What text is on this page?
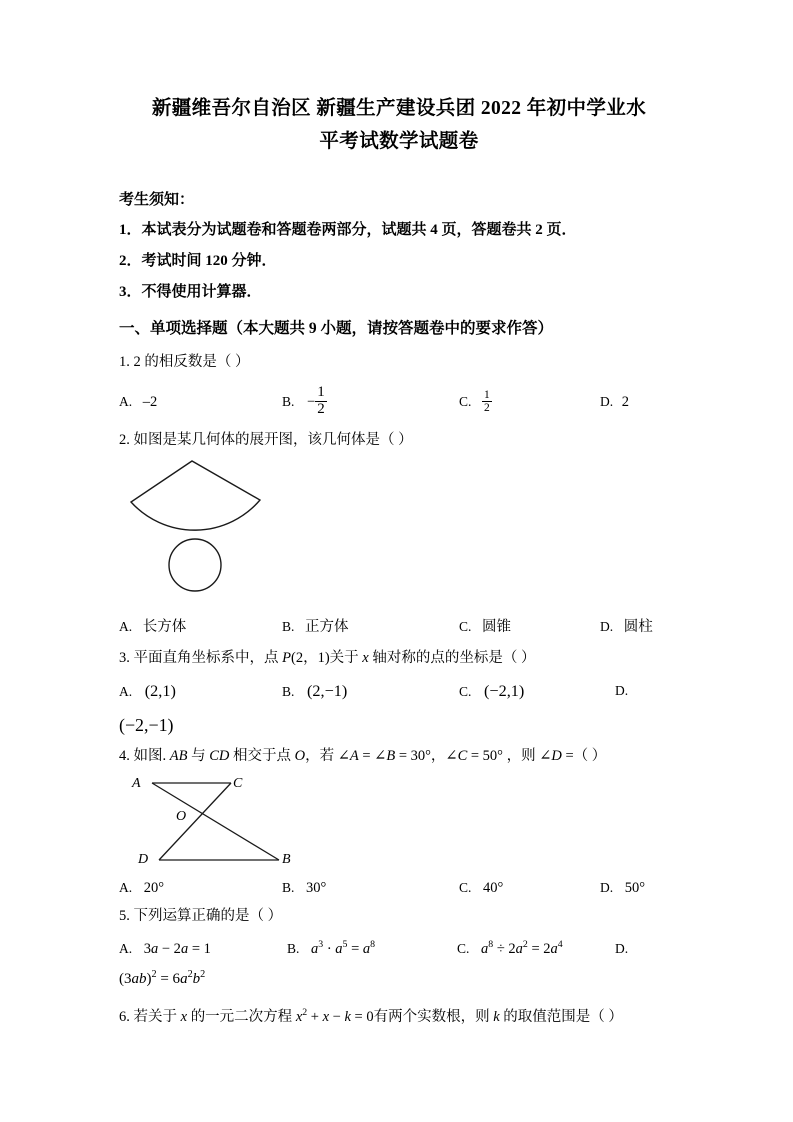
新疆维吾尔自治区 新疆生产建设兵团 2022 年初中学业水
平考试数学试题卷
考生须知：
1．本试表分为试题卷和答题卷两部分，试题共 4 页，答题卷共 2 页．
2．考试时间 120 分钟．
3．不得使用计算器．
一、单项选择题（本大题共 9 小题，请按答题卷中的要求作答）
1. 2 的相反数是（ ）
A. –2	B. − $\frac{1}{2}$	C. $\frac{1}{2}$	D. 2
2. 如图是某几何体的展开图，该几何体是（ ）
A. 长方体	B. 正方体	C. 圆锥	D. 圆柱
3. 平面直角坐标系中，点 P(2，1)关于 x 轴对称的点的坐标是（ ）
A. (2,1)	B. (2,−1)	C. (−2,1)	D.
(−2,−1)
4. 如图. AB 与 CD 相交于点 O，若 ∠A = ∠B = 30°，∠C = 50° ，则 ∠D =（ ）
A	C
O
D	B
A. 20°	B. 30°	C. 40°	D. 50°
5. 下列运算正确的是（ ）
A. 3a − 2a = 1	B. $a^3 \cdot a^5 = a^8$	C. $a^8 \div 2a^2 = 2a^4$	D.
$(3ab)^2 = 6a^2b^2$
6. 若关于 x 的一元二次方程 $x^2 + x - k = 0$有两个实数根，则 k 的取值范围是（ ）
